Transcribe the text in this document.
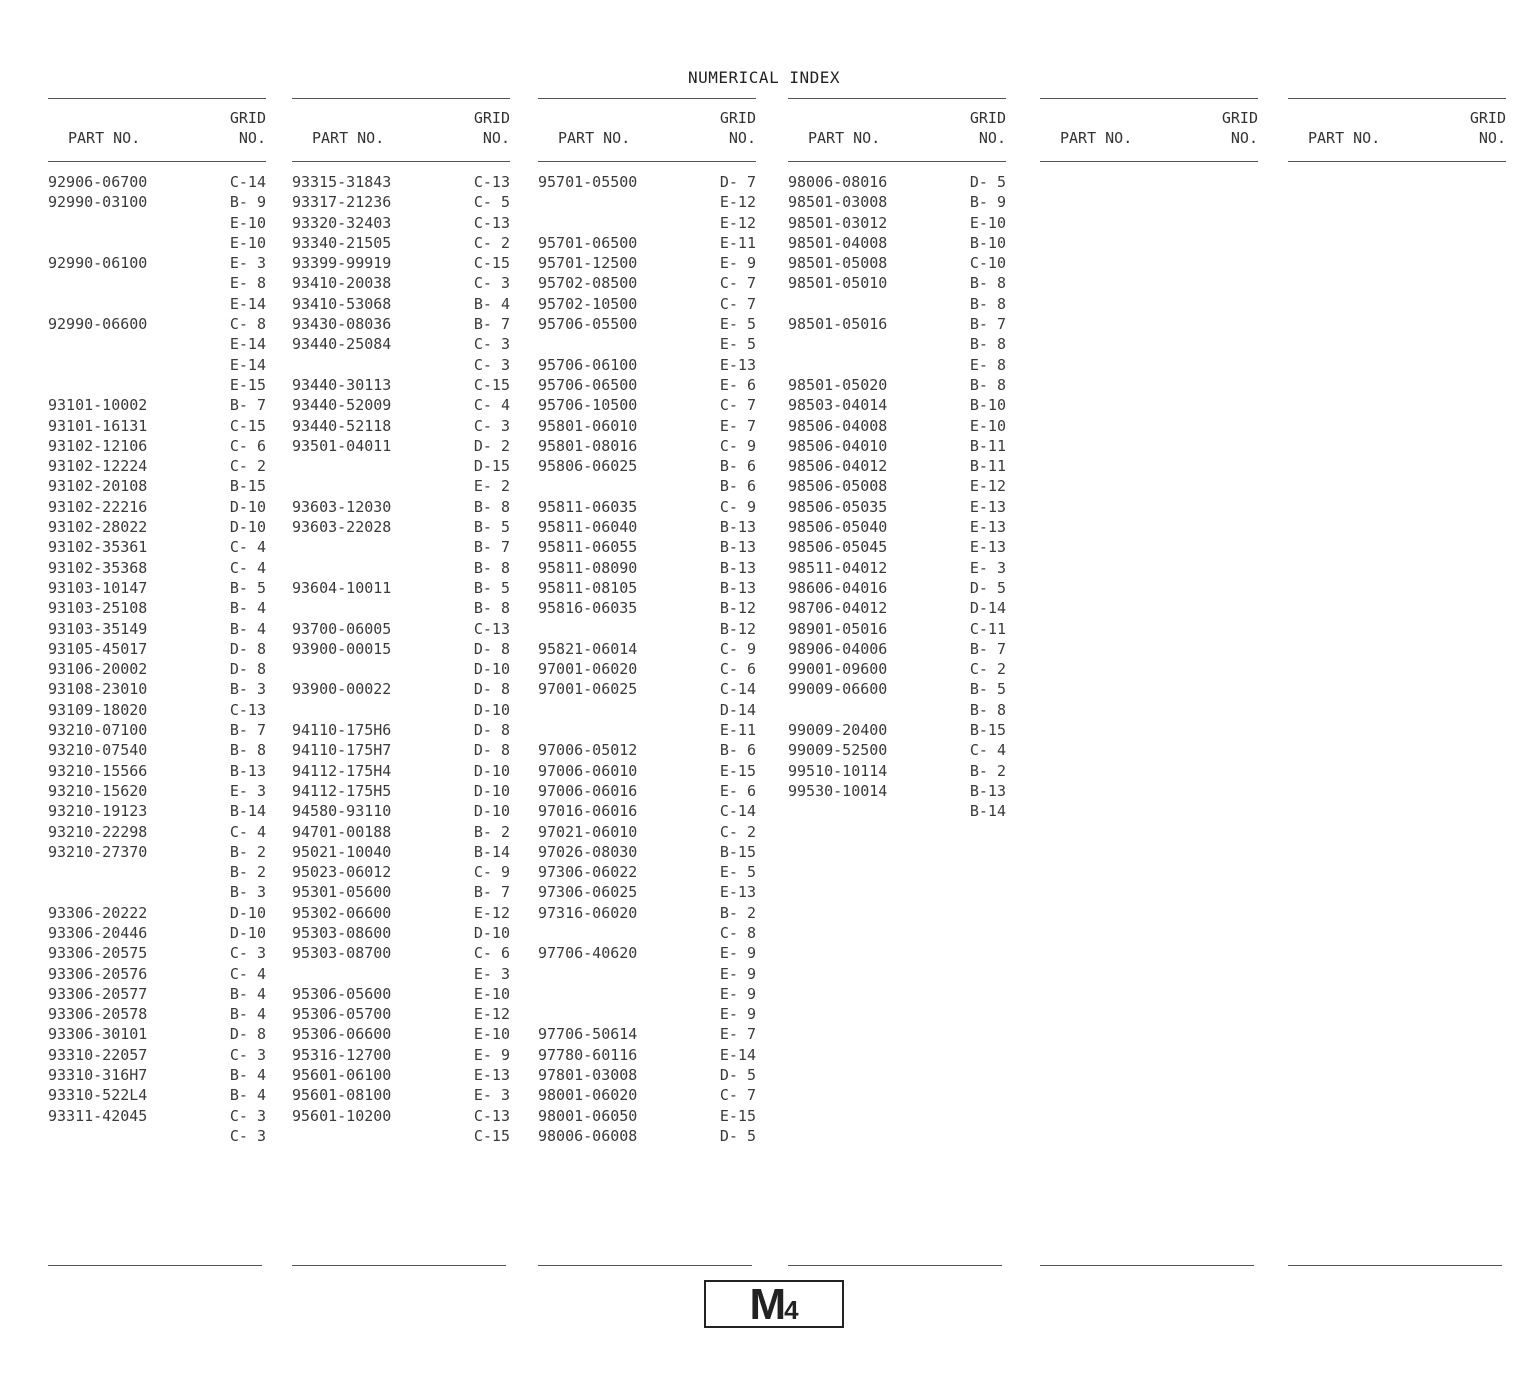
NUMERICAL INDEX
PART NO.
GRID
NO.
92906-06700	C-14
92990-03100	B- 9
E-10
E-10
92990-06100	E- 3
E- 8
E-14
92990-06600	C- 8
E-14
E-14
E-15
93101-10002	B- 7
93101-16131	C-15
93102-12106	C- 6
93102-12224	C- 2
93102-20108	B-15
93102-22216	D-10
93102-28022	D-10
93102-35361	C- 4
93102-35368	C- 4
93103-10147	B- 5
93103-25108	B- 4
93103-35149	B- 4
93105-45017	D- 8
93106-20002	D- 8
93108-23010	B- 3
93109-18020	C-13
93210-07100	B- 7
93210-07540	B- 8
93210-15566	B-13
93210-15620	E- 3
93210-19123	B-14
93210-22298	C- 4
93210-27370	B- 2
B- 2
B- 3
93306-20222	D-10
93306-20446	D-10
93306-20575	C- 3
93306-20576	C- 4
93306-20577	B- 4
93306-20578	B- 4
93306-30101	D- 8
93310-22057	C- 3
93310-316H7	B- 4
93310-522L4	B- 4
93311-42045	C- 3
C- 3
PART NO.
GRID
NO.
93315-31843	C-13
93317-21236	C- 5
93320-32403	C-13
93340-21505	C- 2
93399-99919	C-15
93410-20038	C- 3
93410-53068	B- 4
93430-08036	B- 7
93440-25084	C- 3
C- 3
93440-30113	C-15
93440-52009	C- 4
93440-52118	C- 3
93501-04011	D- 2
D-15
E- 2
93603-12030	B- 8
93603-22028	B- 5
B- 7
B- 8
93604-10011	B- 5
B- 8
93700-06005	C-13
93900-00015	D- 8
D-10
93900-00022	D- 8
D-10
94110-175H6	D- 8
94110-175H7	D- 8
94112-175H4	D-10
94112-175H5	D-10
94580-93110	D-10
94701-00188	B- 2
95021-10040	B-14
95023-06012	C- 9
95301-05600	B- 7
95302-06600	E-12
95303-08600	D-10
95303-08700	C- 6
E- 3
95306-05600	E-10
95306-05700	E-12
95306-06600	E-10
95316-12700	E- 9
95601-06100	E-13
95601-08100	E- 3
95601-10200	C-13
C-15
PART NO.
GRID
NO.
95701-05500	D- 7
E-12
E-12
95701-06500	E-11
95701-12500	E- 9
95702-08500	C- 7
95702-10500	C- 7
95706-05500	E- 5
E- 5
95706-06100	E-13
95706-06500	E- 6
95706-10500	C- 7
95801-06010	E- 7
95801-08016	C- 9
95806-06025	B- 6
B- 6
95811-06035	C- 9
95811-06040	B-13
95811-06055	B-13
95811-08090	B-13
95811-08105	B-13
95816-06035	B-12
B-12
95821-06014	C- 9
97001-06020	C- 6
97001-06025	C-14
D-14
E-11
97006-05012	B- 6
97006-06010	E-15
97006-06016	E- 6
97016-06016	C-14
97021-06010	C- 2
97026-08030	B-15
97306-06022	E- 5
97306-06025	E-13
97316-06020	B- 2
C- 8
97706-40620	E- 9
E- 9
E- 9
E- 9
97706-50614	E- 7
97780-60116	E-14
97801-03008	D- 5
98001-06020	C- 7
98001-06050	E-15
98006-06008	D- 5
PART NO.
GRID
NO.
98006-08016	D- 5
98501-03008	B- 9
98501-03012	E-10
98501-04008	B-10
98501-05008	C-10
98501-05010	B- 8
B- 8
98501-05016	B- 7
B- 8
E- 8
98501-05020	B- 8
98503-04014	B-10
98506-04008	E-10
98506-04010	B-11
98506-04012	B-11
98506-05008	E-12
98506-05035	E-13
98506-05040	E-13
98506-05045	E-13
98511-04012	E- 3
98606-04016	D- 5
98706-04012	D-14
98901-05016	C-11
98906-04006	B- 7
99001-09600	C- 2
99009-06600	B- 5
B- 8
99009-20400	B-15
99009-52500	C- 4
99510-10114	B- 2
99530-10014	B-13
B-14
PART NO.
GRID
NO.	PART NO.
GRID
NO.
M4
